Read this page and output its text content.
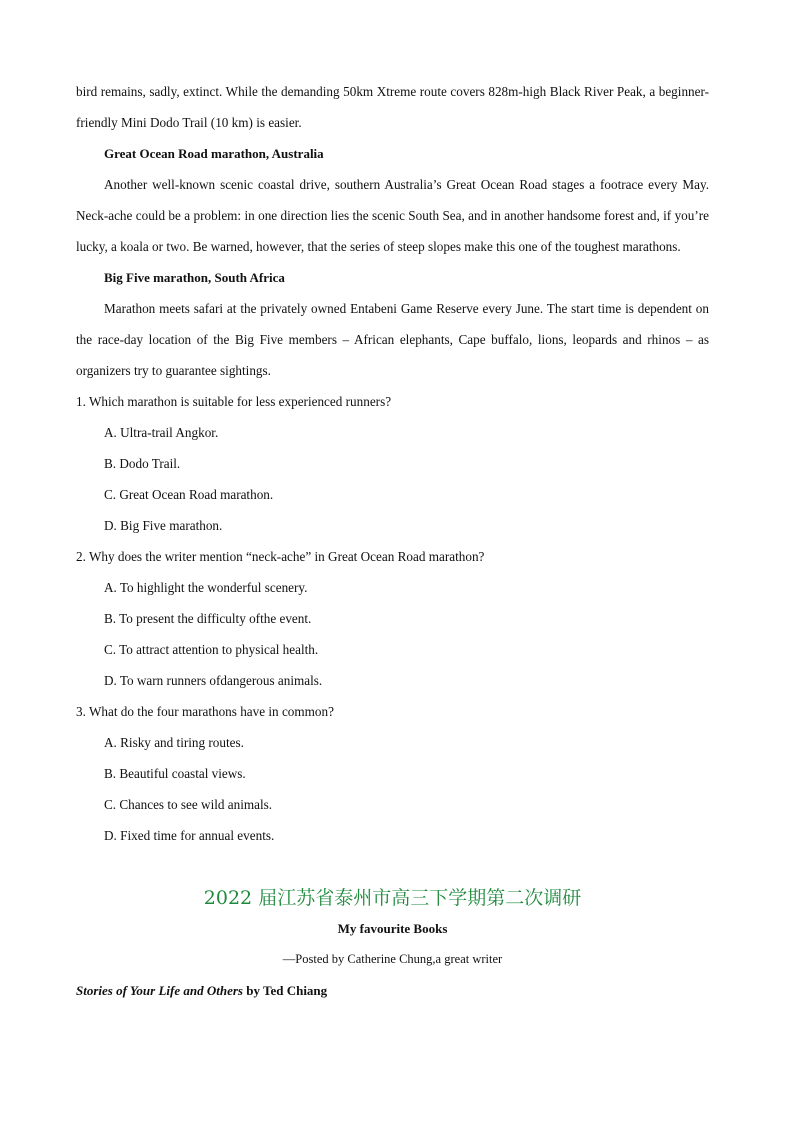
bird remains, sadly, extinct. While the demanding 50km Xtreme route covers 828m-high Black River Peak, a beginner-friendly Mini Dodo Trail (10 km) is easier.

Great Ocean Road marathon, Australia

Another well-known scenic coastal drive, southern Australia’s Great Ocean Road stages a footrace every May. Neck-ache could be a problem: in one direction lies the scenic South Sea, and in another handsome forest and, if you’re lucky, a koala or two. Be warned, however, that the series of steep slopes make this one of the toughest marathons.

Big Five marathon, South Africa

Marathon meets safari at the privately owned Entabeni Game Reserve every June. The start time is dependent on the race-day location of the Big Five members – African elephants, Cape buffalo, lions, leopards and rhinos – as organizers try to guarantee sightings.

1. Which marathon is suitable for less experienced runners?

A. Ultra-trail Angkor.

B. Dodo Trail.

C. Great Ocean Road marathon.

D. Big Five marathon.

2. Why does the writer mention “neck-ache” in Great Ocean Road marathon?

A. To highlight the wonderful scenery.

B. To present the difficulty ofthe event.

C. To attract attention to physical health.

D. To warn runners ofdangerous animals.

3. What do the four marathons have in common?

A. Risky and tiring routes.

B. Beautiful coastal views.

C. Chances to see wild animals.

D. Fixed time for annual events.

2022 届江苏省泰州市高三下学期第二次调研

My favourite Books

—Posted by Catherine Chung,a great writer

Stories of Your Life and Others by Ted Chiang
